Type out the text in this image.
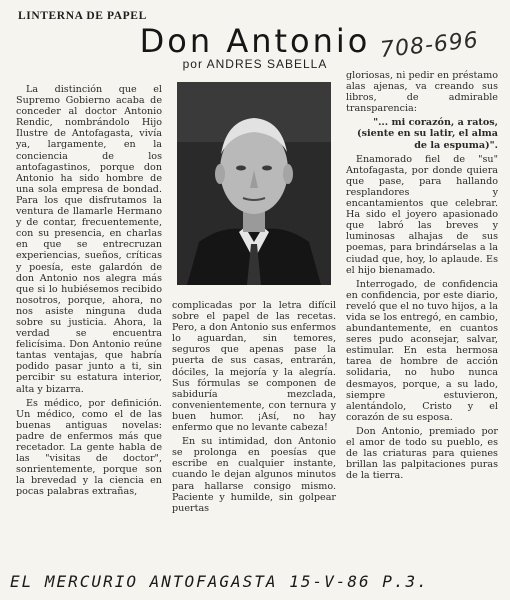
LINTERNA DE PAPEL
Don Antonio
por ANDRES SABELLA
708-696

La distinción que el Supremo Gobierno acaba de conceder al doctor Antonio Rendic, nombrándolo Hijo Ilustre de Antofagasta, vivía ya, largamente, en la conciencia de los antofagastinos, porque don Antonio ha sido hombre de una sola empresa de bondad. Para los que disfrutamos la ventura de llamarle Hermano y de contar, frecuentemente, con su presencia, en charlas en que se entrecruzan experiencias, sueños, críticas y poesía, este galardón de don Antonio nos alegra más que si lo hubiésemos recibido nosotros, porque, ahora, no nos asiste ninguna duda sobre su justicia. Ahora, la verdad se encuentra felicísima. Don Antonio reúne tantas ventajas, que habría podido pasar junto a ti, sin percibir su estatura interior, alta y bizarra.

Es médico, por definición. Un médico, como el de las buenas antiguas novelas: padre de enfermos más que recetador. La gente habla de las "visitas de doctor", sonrientemente, porque son la brevedad y la ciencia en pocas palabras extrañas,

complicadas por la letra difícil sobre el papel de las recetas. Pero, a don Antonio sus enfermos lo aguardan, sin temores, seguros que apenas pase la puerta de sus casas, entrarán, dóciles, la mejoría y la alegría. Sus fórmulas se componen de sabiduría mezclada, convenientemente, con ternura y buen humor. ¡Así, no hay enfermo que no levante cabeza!

En su intimidad, don Antonio se prolonga en poesías que escribe en cualquier instante, cuando le dejan algunos minutos para hallarse consigo mismo. Paciente y humilde, sin golpear puertas

gloriosas, ni pedir en préstamo alas ajenas, va creando sus libros, de admirable transparencia:

"... mi corazón, a ratos, (siente en su latir, el alma de la espuma)".

Enamorado fiel de "su" Antofagasta, por donde quiera que pase, para hallando resplandores y encantamientos que celebrar. Ha sido el joyero apasionado que labró las breves y luminosas alhajas de sus poemas, para brindárselas a la ciudad que, hoy, lo aplaude. Es el hijo bienamado.

Interrogado, de confidencia en confidencia, por este diario, reveló que el no tuvo hijos, a la vida se los entregó, en cambio, abundantemente, en cuantos seres pudo aconsejar, salvar, estimular. En esta hermosa tarea de hombre de acción solidaria, no hubo nunca desmayos, porque, a su lado, siempre estuvieron, alentándolo, Cristo y el corazón de su esposa.

Don Antonio, premiado por el amor de todo su pueblo, es de las criaturas para quienes brillan las palpitaciones puras de la tierra.

EL MERCURIO ANTOFAGASTA 15-V-86 P.3.
